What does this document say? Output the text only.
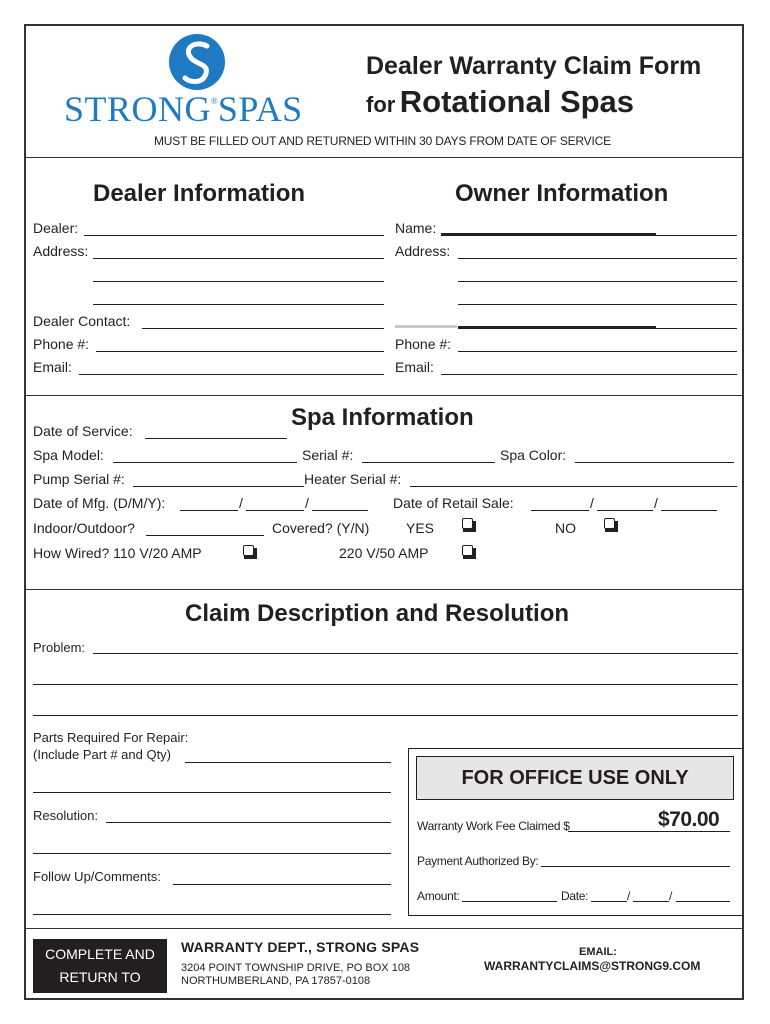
STRONG®SPAS
Dealer Warranty Claim Form
for Rotational Spas
MUST BE FILLED OUT AND RETURNED WITHIN 30 DAYS FROM DATE OF SERVICE
Dealer Information	Owner Information
Dealer:
Address:
Dealer Contact:
Phone #:
Email:
Name:
Address:
Phone #:
Email:
Spa Information
Date of Service:
Spa Model:	Serial #:	Spa Color:
Pump Serial #:	Heater Serial #:
Date of Mfg. (D/M/Y):	/	/	Date of Retail Sale:	/	/
Indoor/Outdoor?	Covered? (Y/N)	YES	NO
How Wired? 110 V/20 AMP	220 V/50 AMP
Claim Description and Resolution
Problem:
Parts Required For Repair:
(Include Part # and Qty)
Resolution:
Follow Up/Comments:
FOR OFFICE USE ONLY
Warranty Work Fee Claimed $	$70.00
Payment Authorized By:
Amount:	Date:	/	/
COMPLETE AND
RETURN TO
WARRANTY DEPT., STRONG SPAS
3204 POINT TOWNSHIP DRIVE, PO BOX 108
NORTHUMBERLAND, PA 17857-0108
EMAIL:
WARRANTYCLAIMS@STRONG9.COM
